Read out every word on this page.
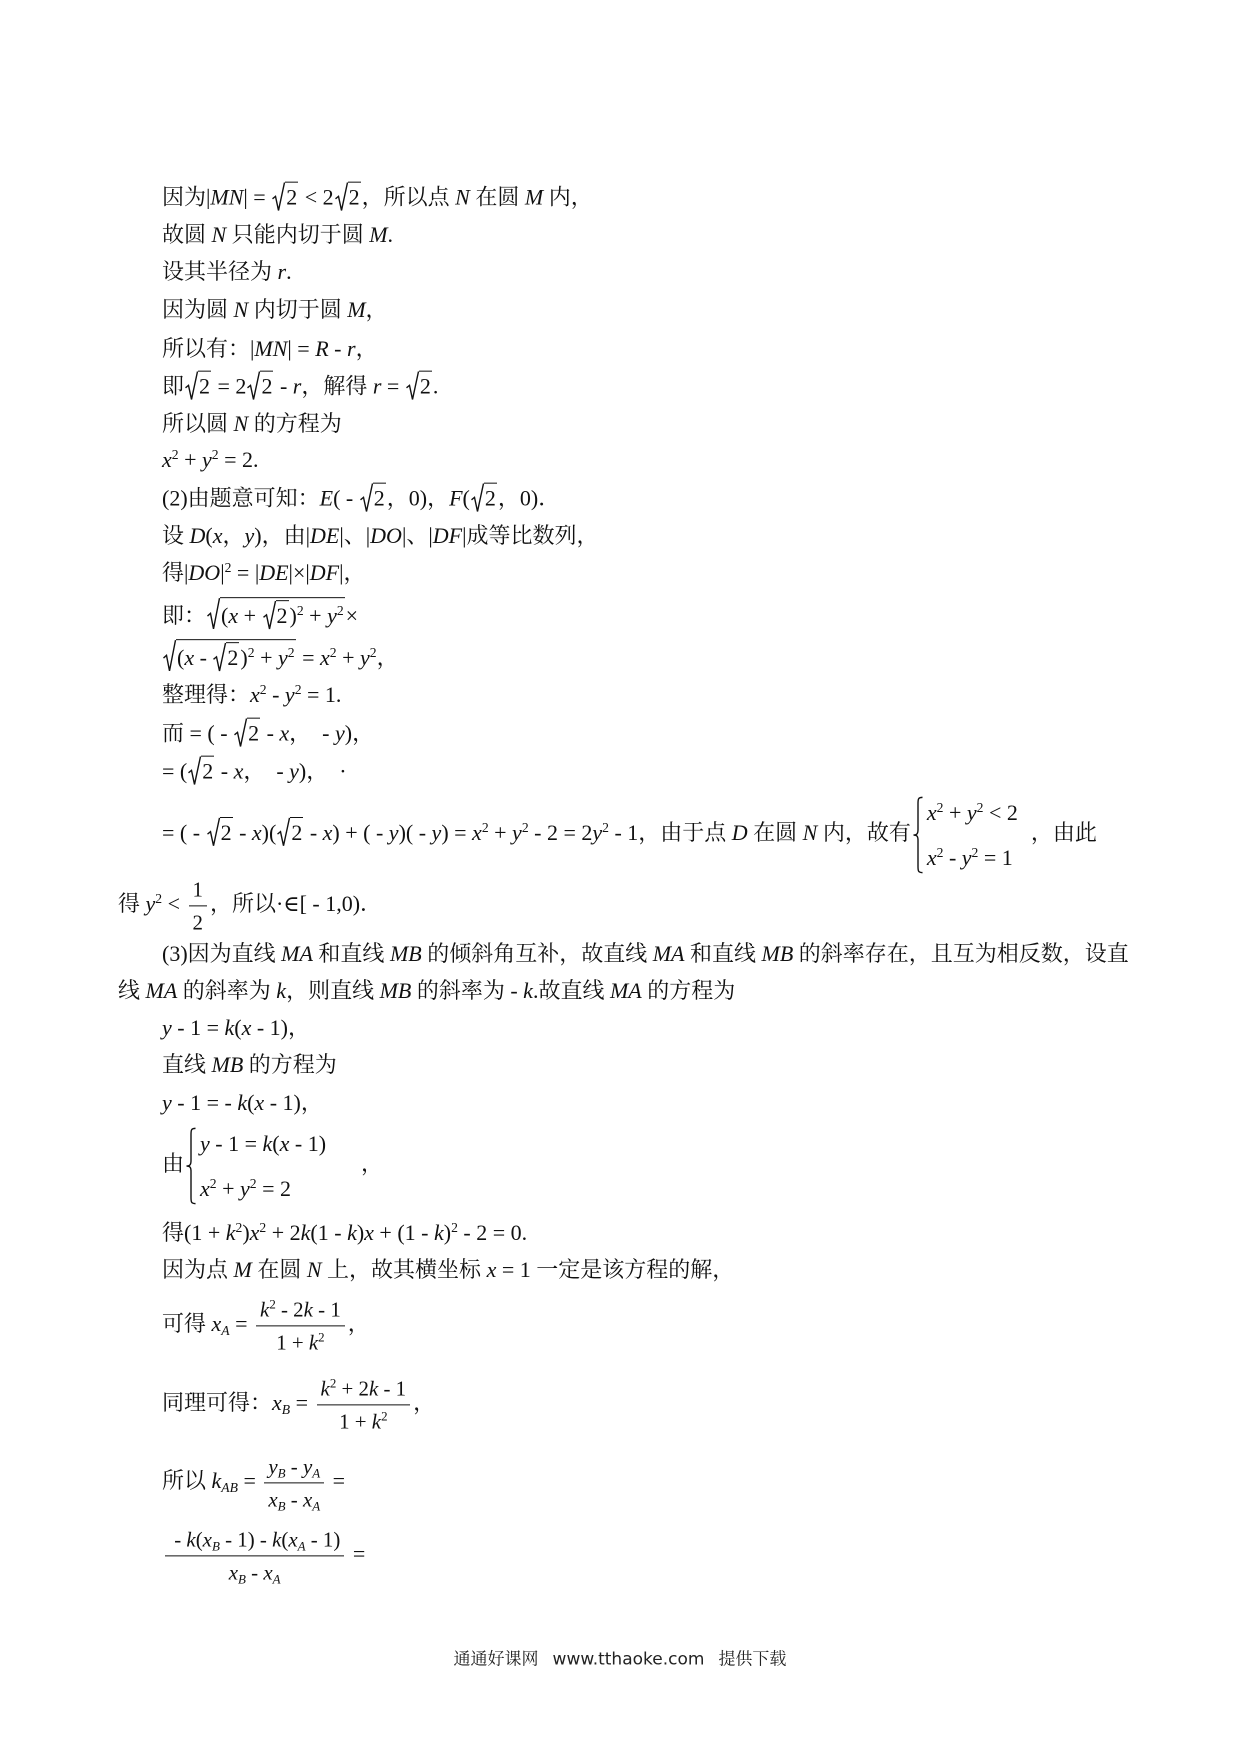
因为|MN| =
2 < 2 2，所以点 N 在圆 M 内，
故圆 N 只能内切于圆 M.
设其半径为 r.
因为圆 N 内切于圆 M，
所以有：|MN| = R - r，
即 2 = 2 2 - r，解得 r =
2.
所以圆 N 的方程为
$x^2 + y^2 = 2$.
(2)由题意可知：E( -
2，0)，F( 2，0)．
设 D(x，y)，由|DE|、|DO|、|DF|成等比数列，
得$|DO|^2 = |DE|\times|DF|$，
即： (x +
$2)^2 + y^2\times$
(x -
$2)^2 + y^2 = x^2 + y^2$，
整理得：$x^2 - y^2 = 1$.
而 = ( -
2 - x，  - y)，
= ( 2 - x，  - y)，  ·
= ( -
2 - x)( 2 - x) + ( - $y)( - y) = x^2 + y^2 - 2 = 2y^2 - 1$，由于点 D 在圆 N 内，故有
$x^2 + y^2 < 2$
$x^2 - y^2 = 1$
，由此
得 $y^2 < \frac{1}{2}$ ，所以·∈[ - 1,0)．
(3)因为直线 MA 和直线 MB 的倾斜角互补，故直线 MA 和直线 MB 的斜率存在，且互为相反数，设直
线 MA 的斜率为 k，则直线 MB 的斜率为 - k.故直线 MA 的方程为
y - 1 = k(x - 1)，
直线 MB 的方程为
y - 1 = - k(x - 1)，
由
y - 1 = k(x - 1)
$x^2 + y^2 = 2$
，
得$(1 + k^2)x^2 + 2k(1 - k)x + (1 - k)^2 - 2 = 0$.
因为点 M 在圆 N 上，故其横坐标 x = 1 一定是该方程的解，
可得 $x_A = \frac{k^2 - 2k - 1}{1 + k^2}$ ，
同理可得：$x_B = \frac{k^2 + 2k - 1}{1 + k^2}$ ，
所以 $k_{AB} = \frac{y_B - y_A}{x_B - x_A}$ =
$\frac{- k(x_B - 1) - k(x_A - 1)}{x_B - x_A}$ =
通通好课网 www.tthaoke.com 提供下载
